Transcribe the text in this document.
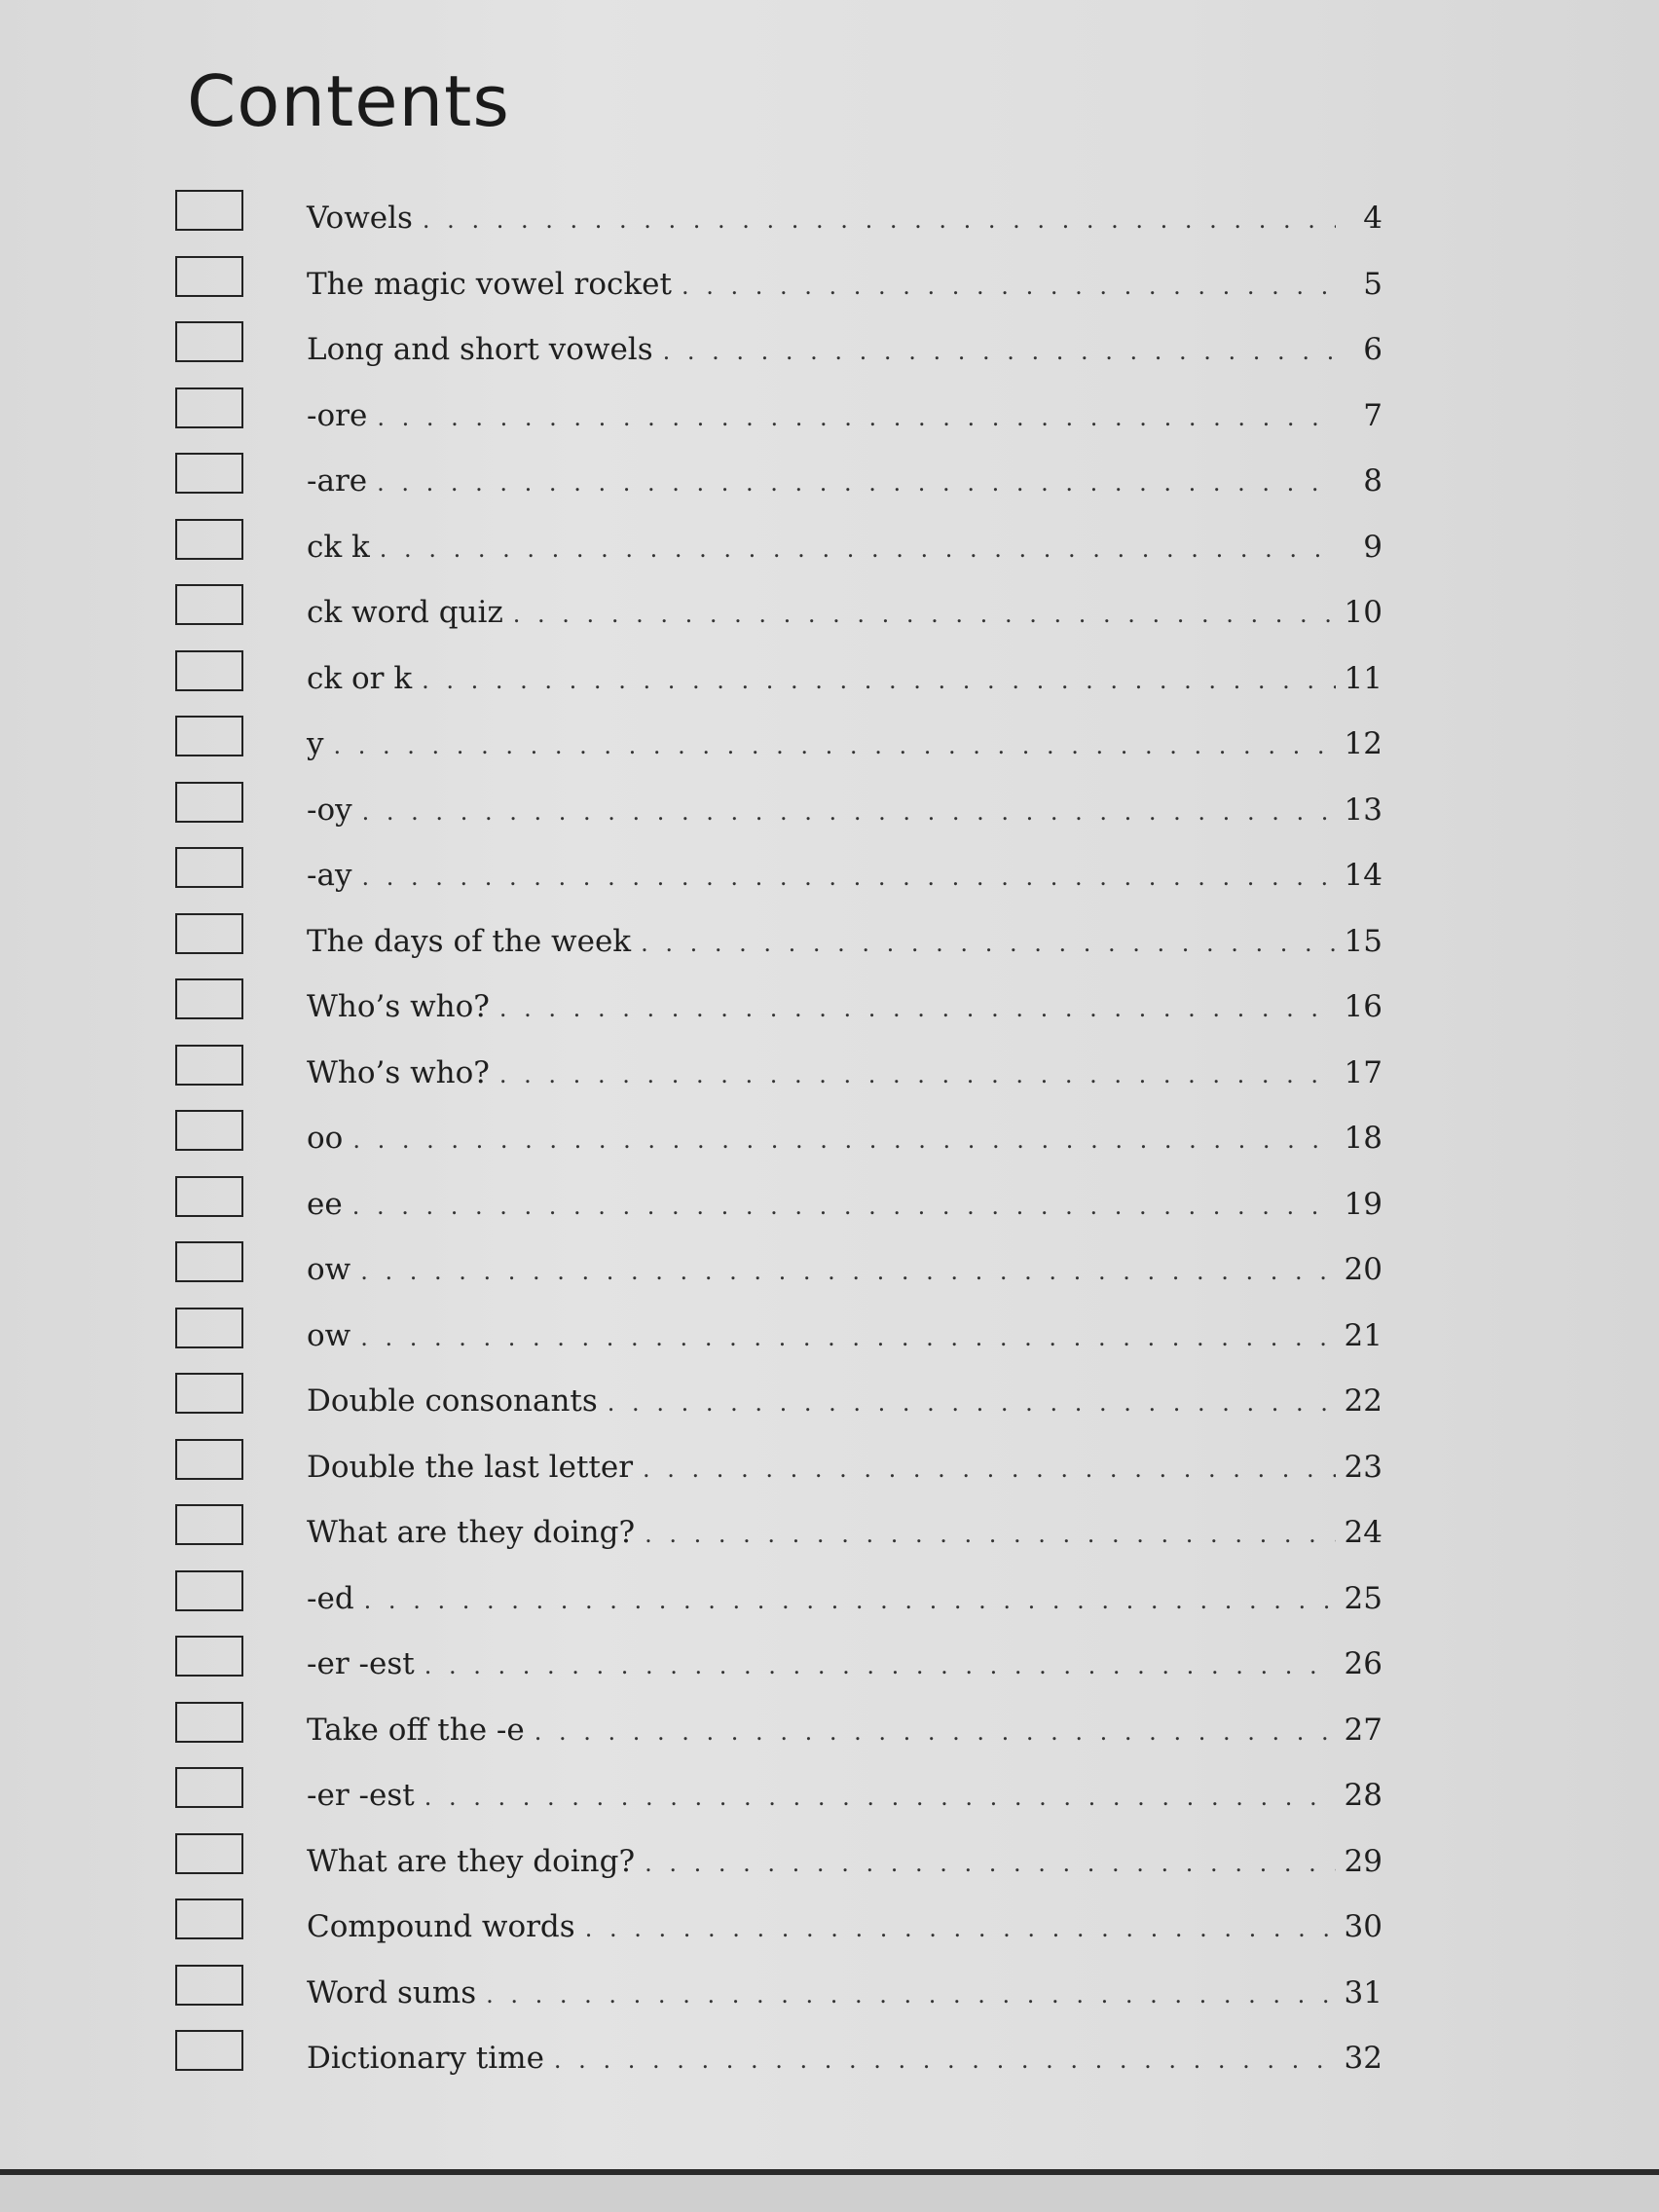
Contents
Vowels . . .	4
The magic vowel rocket . . .	5
Long and short vowels . . .	6
-ore . . .	7
-are . . .	8
ck k . . .	9
ck word quiz . . .	10
ck or k . . .	11
y . . .	12
-oy . . .	13
-ay . . .	14
The days of the week . . .	15
Who’s who? . . .	16
Who’s who? . . .	17
oo . . .	18
ee . . .	19
ow . . .	20
ow . . .	21
Double consonants . . .	22
Double the last letter . . .	23
What are they doing? . . .	24
-ed . . .	25
-er -est . . .	26
Take off the -e . . .	27
-er -est . . .	28
What are they doing? . . .	29
Compound words . . .	30
Word sums . . .	31
Dictionary time . . .	32
